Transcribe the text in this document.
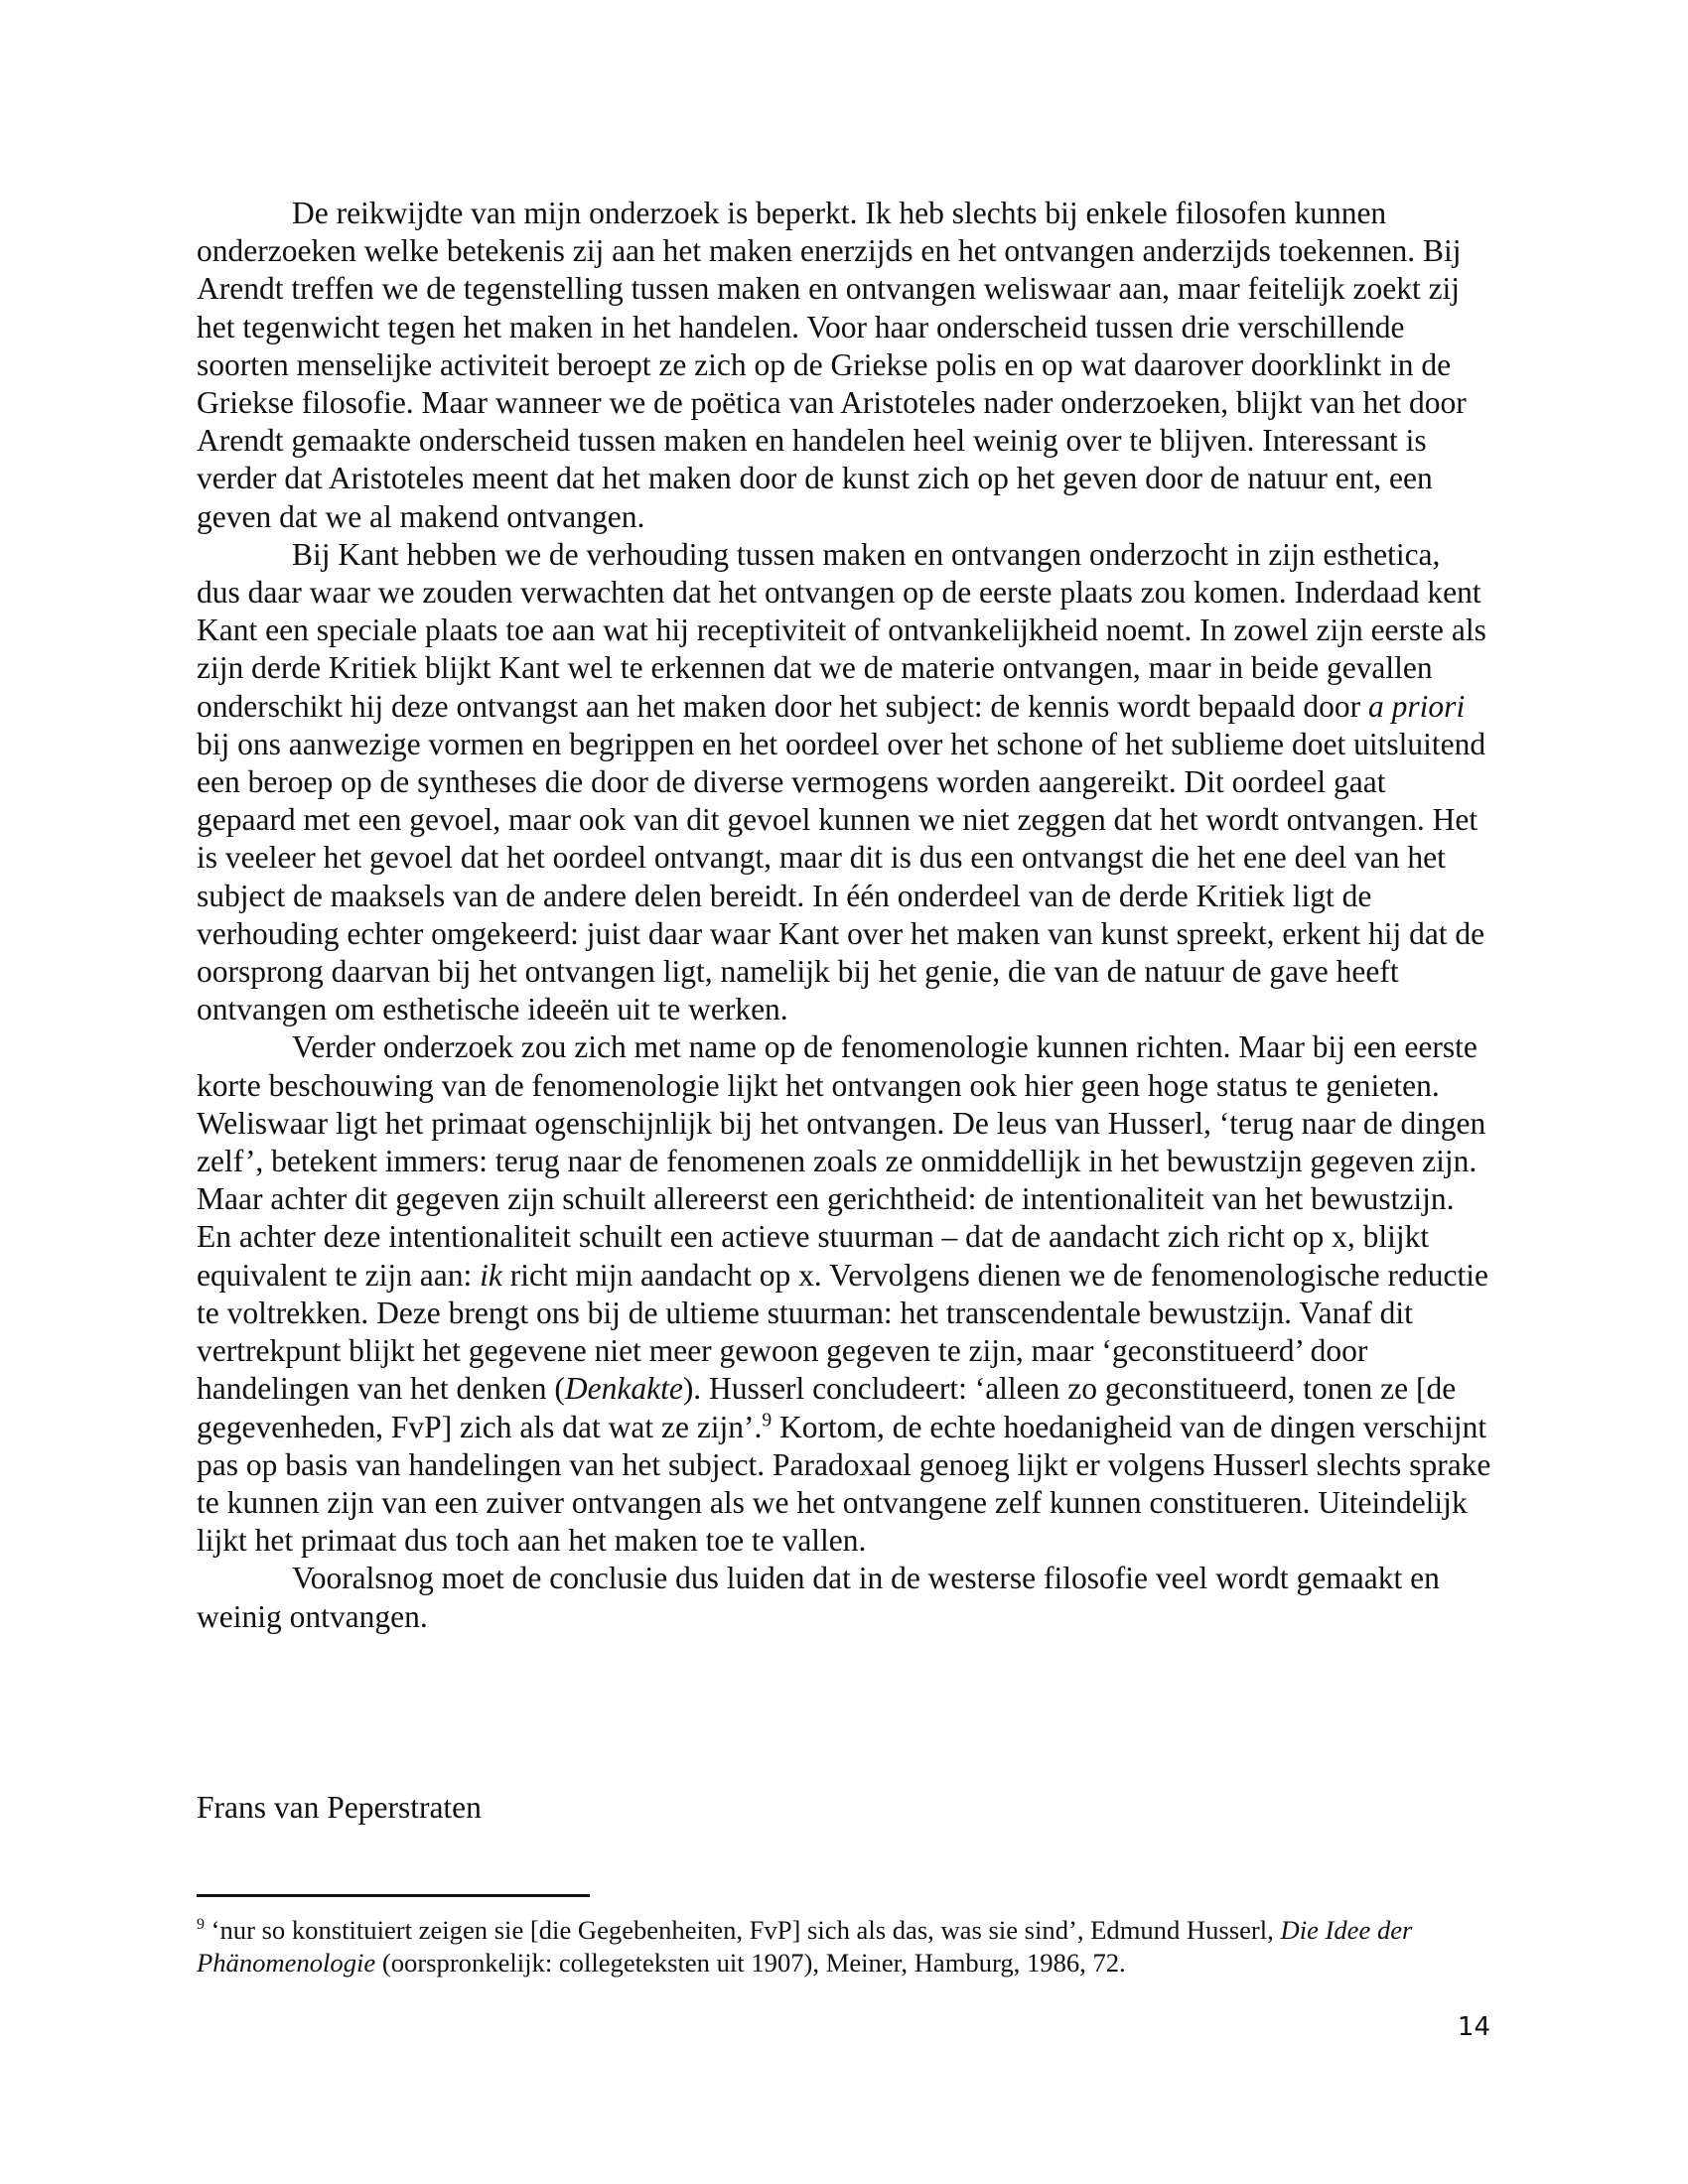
De reikwijdte van mijn onderzoek is beperkt. Ik heb slechts bij enkele filosofen kunnen onderzoeken welke betekenis zij aan het maken enerzijds en het ontvangen anderzijds toekennen. Bij Arendt treffen we de tegenstelling tussen maken en ontvangen weliswaar aan, maar feitelijk zoekt zij het tegenwicht tegen het maken in het handelen. Voor haar onderscheid tussen drie verschillende soorten menselijke activiteit beroept ze zich op de Griekse polis en op wat daarover doorklinkt in de Griekse filosofie. Maar wanneer we de poëtica van Aristoteles nader onderzoeken, blijkt van het door Arendt gemaakte onderscheid tussen maken en handelen heel weinig over te blijven. Interessant is verder dat Aristoteles meent dat het maken door de kunst zich op het geven door de natuur ent, een geven dat we al makend ontvangen.

Bij Kant hebben we de verhouding tussen maken en ontvangen onderzocht in zijn esthetica, dus daar waar we zouden verwachten dat het ontvangen op de eerste plaats zou komen. Inderdaad kent Kant een speciale plaats toe aan wat hij receptiviteit of ontvankelijkheid noemt. In zowel zijn eerste als zijn derde Kritiek blijkt Kant wel te erkennen dat we de materie ontvangen, maar in beide gevallen onderschikt hij deze ontvangst aan het maken door het subject: de kennis wordt bepaald door a priori bij ons aanwezige vormen en begrippen en het oordeel over het schone of het sublieme doet uitsluitend een beroep op de syntheses die door de diverse vermogens worden aangereikt. Dit oordeel gaat gepaard met een gevoel, maar ook van dit gevoel kunnen we niet zeggen dat het wordt ontvangen. Het is veeleer het gevoel dat het oordeel ontvangt, maar dit is dus een ontvangst die het ene deel van het subject de maaksels van de andere delen bereidt. In één onderdeel van de derde Kritiek ligt de verhouding echter omgekeerd: juist daar waar Kant over het maken van kunst spreekt, erkent hij dat de oorsprong daarvan bij het ontvangen ligt, namelijk bij het genie, die van de natuur de gave heeft ontvangen om esthetische ideeën uit te werken.

Verder onderzoek zou zich met name op de fenomenologie kunnen richten. Maar bij een eerste korte beschouwing van de fenomenologie lijkt het ontvangen ook hier geen hoge status te genieten. Weliswaar ligt het primaat ogenschijnlijk bij het ontvangen. De leus van Husserl, ‘terug naar de dingen zelf’, betekent immers: terug naar de fenomenen zoals ze onmiddellijk in het bewustzijn gegeven zijn. Maar achter dit gegeven zijn schuilt allereerst een gerichtheid: de intentionaliteit van het bewustzijn. En achter deze intentionaliteit schuilt een actieve stuurman – dat de aandacht zich richt op x, blijkt equivalent te zijn aan: ik richt mijn aandacht op x. Vervolgens dienen we de fenomenologische reductie te voltrekken. Deze brengt ons bij de ultieme stuurman: het transcendentale bewustzijn. Vanaf dit vertrekpunt blijkt het gegevene niet meer gewoon gegeven te zijn, maar ‘geconstitueerd’ door handelingen van het denken (Denkakte). Husserl concludeert: ‘alleen zo geconstitueerd, tonen ze [de gegevenheden, FvP] zich als dat wat ze zijn’.$^9$ Kortom, de echte hoedanigheid van de dingen verschijnt pas op basis van handelingen van het subject. Paradoxaal genoeg lijkt er volgens Husserl slechts sprake te kunnen zijn van een zuiver ontvangen als we het ontvangene zelf kunnen constitueren. Uiteindelijk lijkt het primaat dus toch aan het maken toe te vallen.

Vooralsnog moet de conclusie dus luiden dat in de westerse filosofie veel wordt gemaakt en weinig ontvangen.

Frans van Peperstraten

$^9$ ‘nur so konstituiert zeigen sie [die Gegebenheiten, FvP] sich als das, was sie sind’, Edmund Husserl, Die Idee der Phänomenologie (oorspronkelijk: collegeteksten uit 1907), Meiner, Hamburg, 1986, 72.

14
